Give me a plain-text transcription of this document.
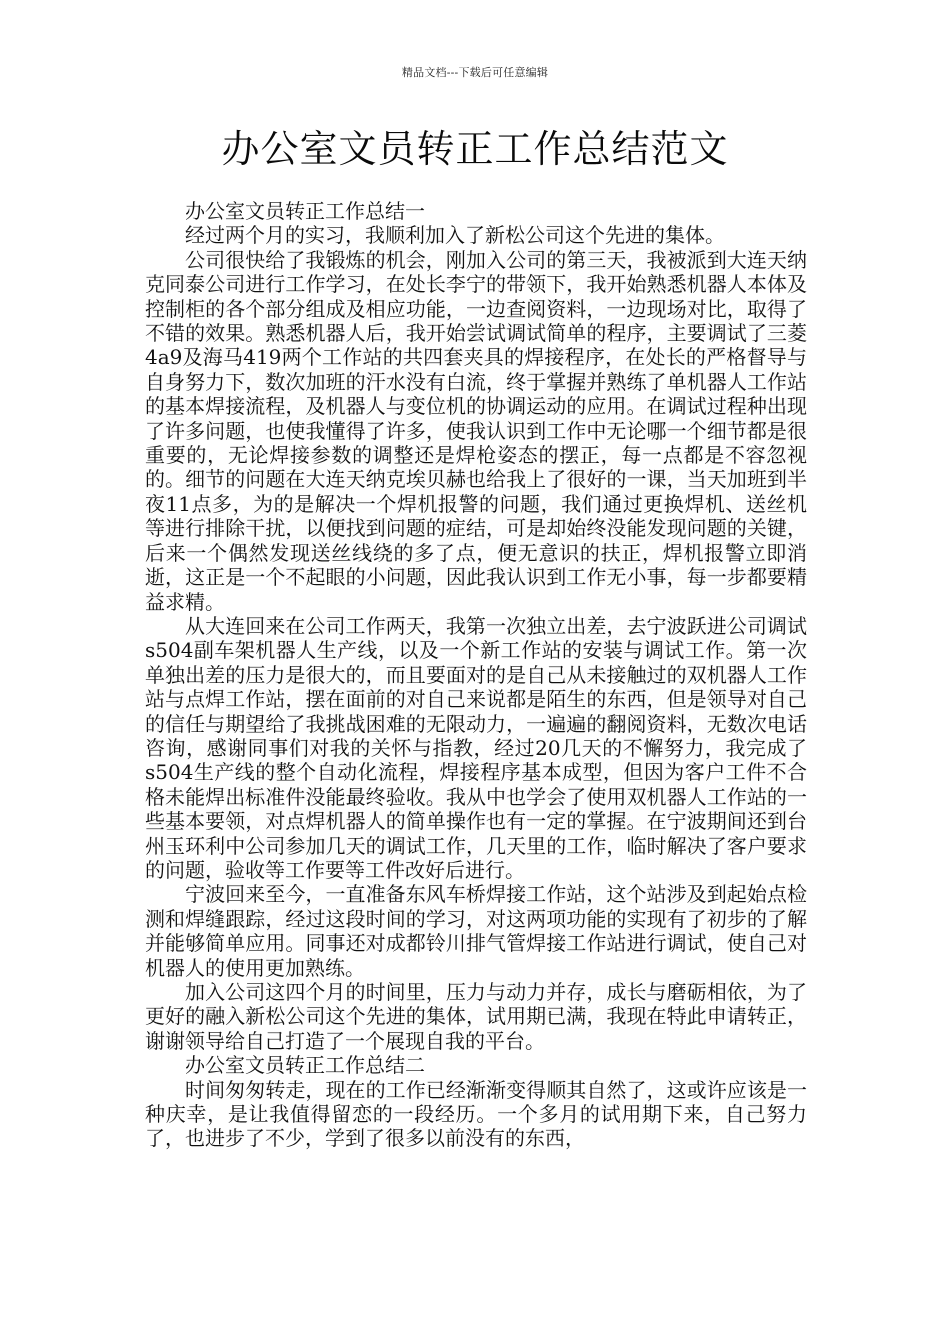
精品文档---下载后可任意编辑
办公室文员转正工作总结范文

办公室文员转正工作总结一

经过两个月的实习，我顺利加入了新松公司这个先进的集体。

公司很快给了我锻炼的机会，刚加入公司的第三天，我被派到大连天纳克同泰公司进行工作学习，在处长李宁的带领下，我开始熟悉机器人本体及控制柜的各个部分组成及相应功能，一边查阅资料，一边现场对比，取得了不错的效果。熟悉机器人后，我开始尝试调试简单的程序，主要调试了三菱4a9及海马419两个工作站的共四套夹具的焊接程序，在处长的严格督导与自身努力下，数次加班的汗水没有白流，终于掌握并熟练了单机器人工作站的基本焊接流程，及机器人与变位机的协调运动的应用。在调试过程种出现了许多问题，也使我懂得了许多，使我认识到工作中无论哪一个细节都是很重要的，无论焊接参数的调整还是焊枪姿态的摆正，每一点都是不容忽视的。细节的问题在大连天纳克埃贝赫也给我上了很好的一课，当天加班到半夜11点多，为的是解决一个焊机报警的问题，我们通过更换焊机、送丝机等进行排除干扰，以便找到问题的症结，可是却始终没能发现问题的关键，后来一个偶然发现送丝线绕的多了点，便无意识的扶正，焊机报警立即消逝，这正是一个不起眼的小问题，因此我认识到工作无小事，每一步都要精益求精。

从大连回来在公司工作两天，我第一次独立出差，去宁波跃进公司调试s504副车架机器人生产线，以及一个新工作站的安装与调试工作。第一次单独出差的压力是很大的，而且要面对的是自己从未接触过的双机器人工作站与点焊工作站，摆在面前的对自己来说都是陌生的东西，但是领导对自己的信任与期望给了我挑战困难的无限动力，一遍遍的翻阅资料，无数次电话咨询，感谢同事们对我的关怀与指教，经过20几天的不懈努力，我完成了s504生产线的整个自动化流程，焊接程序基本成型，但因为客户工件不合格未能焊出标准件没能最终验收。我从中也学会了使用双机器人工作站的一些基本要领，对点焊机器人的简单操作也有一定的掌握。在宁波期间还到台州玉环利中公司参加几天的调试工作，几天里的工作，临时解决了客户要求的问题，验收等工作要等工件改好后进行。

宁波回来至今，一直准备东风车桥焊接工作站，这个站涉及到起始点检测和焊缝跟踪，经过这段时间的学习，对这两项功能的实现有了初步的了解并能够简单应用。同事还对成都铃川排气管焊接工作站进行调试，使自己对机器人的使用更加熟练。

加入公司这四个月的时间里，压力与动力并存，成长与磨砺相依，为了更好的融入新松公司这个先进的集体，试用期已满，我现在特此申请转正，谢谢领导给自己打造了一个展现自我的平台。

办公室文员转正工作总结二

时间匆匆转走，现在的工作已经渐渐变得顺其自然了，这或许应该是一种庆幸，是让我值得留恋的一段经历。一个多月的试用期下来，自己努力了，也进步了不少，学到了很多以前没有的东西，
